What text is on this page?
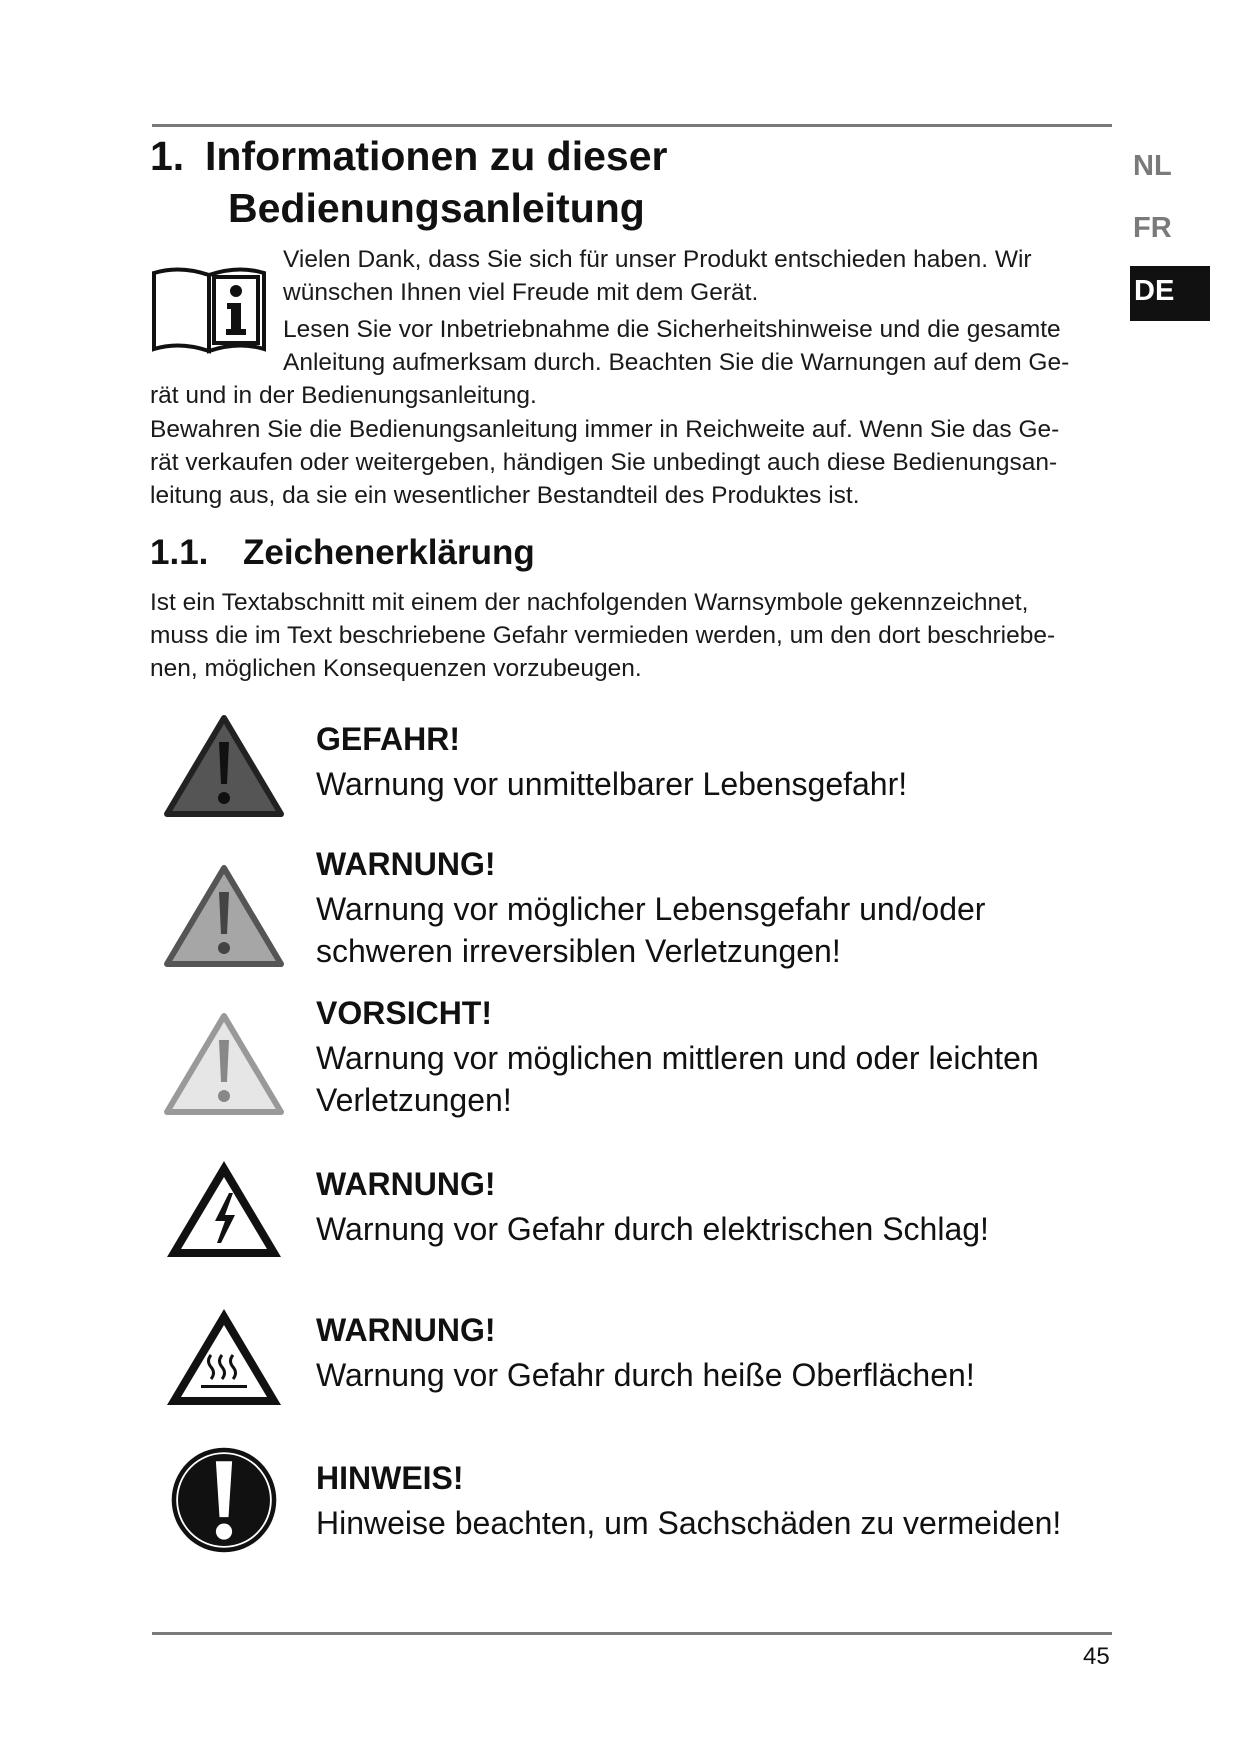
1. Informationen zu dieser
Bedienungsanleitung
NL
FR
DE
Vielen Dank, dass Sie sich für unser Produkt entschieden haben. Wir
wünschen Ihnen viel Freude mit dem Gerät.
Lesen Sie vor Inbetriebnahme die Sicherheitshinweise und die gesamte
Anleitung aufmerksam durch. Beachten Sie die Warnungen auf dem Ge-
rät und in der Bedienungsanleitung.
Bewahren Sie die Bedienungsanleitung immer in Reichweite auf. Wenn Sie das Ge-
rät verkaufen oder weitergeben, händigen Sie unbedingt auch diese Bedienungsan-
leitung aus, da sie ein wesentlicher Bestandteil des Produktes ist.
1.1. Zeichenerklärung
Ist ein Textabschnitt mit einem der nachfolgenden Warnsymbole gekennzeichnet,
muss die im Text beschriebene Gefahr vermieden werden, um den dort beschriebe-
nen, möglichen Konsequenzen vorzubeugen.
GEFAHR!
Warnung vor unmittelbarer Lebensgefahr!
WARNUNG!
Warnung vor möglicher Lebensgefahr und/oder
schweren irreversiblen Verletzungen!
VORSICHT!
Warnung vor möglichen mittleren und oder leichten
Verletzungen!
WARNUNG!
Warnung vor Gefahr durch elektrischen Schlag!
WARNUNG!
Warnung vor Gefahr durch heiße Oberflächen!
HINWEIS!
Hinweise beachten, um Sachschäden zu vermeiden!
45
